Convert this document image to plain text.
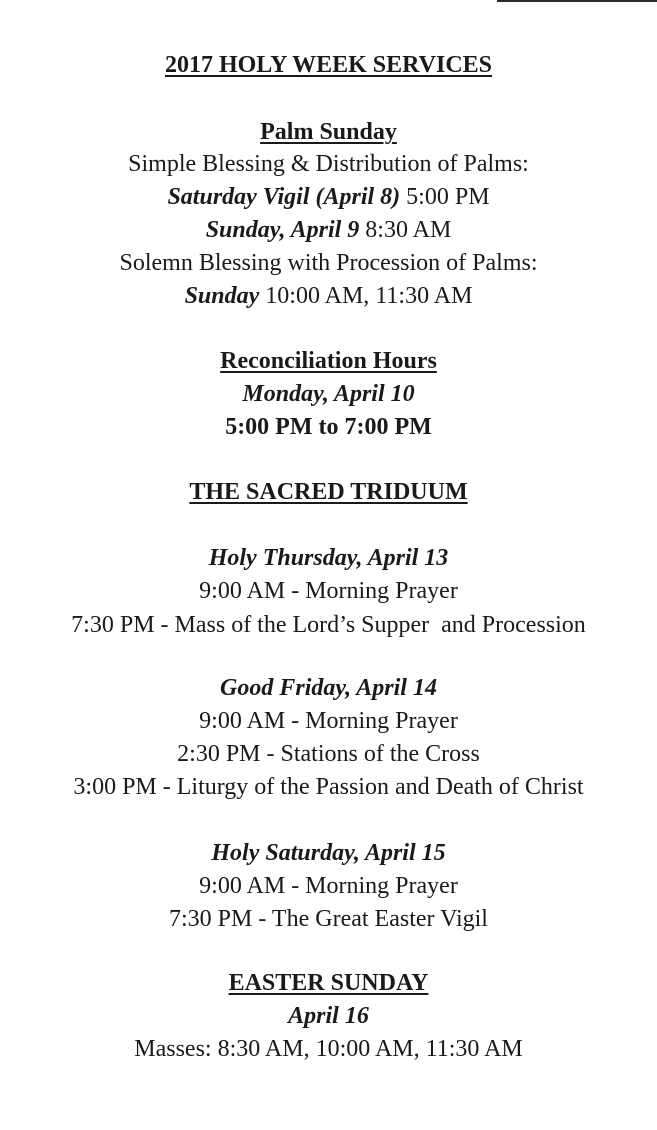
2017 HOLY WEEK SERVICES
Palm Sunday
Simple Blessing & Distribution of Palms:
Saturday Vigil (April 8) 5:00 PM
Sunday, April 9 8:30 AM
Solemn Blessing with Procession of Palms:
Sunday 10:00 AM, 11:30 AM
Reconciliation Hours
Monday, April 10
5:00 PM to 7:00 PM
THE SACRED TRIDUUM
Holy Thursday, April 13
9:00 AM - Morning Prayer
7:30 PM - Mass of the Lord’s Supper  and Procession
Good Friday, April 14
9:00 AM - Morning Prayer
2:30 PM - Stations of the Cross
3:00 PM - Liturgy of the Passion and Death of Christ
Holy Saturday, April 15
9:00 AM - Morning Prayer
7:30 PM - The Great Easter Vigil
EASTER SUNDAY
April 16
Masses: 8:30 AM, 10:00 AM, 11:30 AM
